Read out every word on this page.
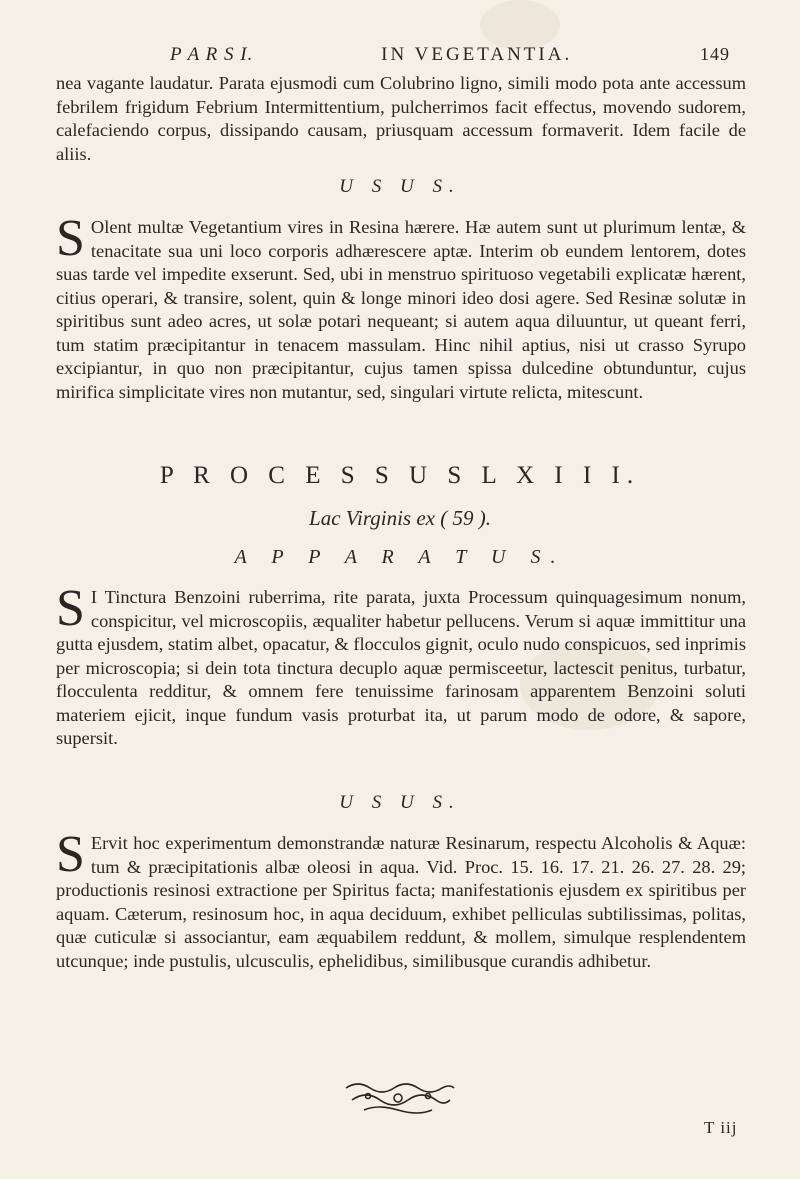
P A R S I.	IN VEGETANTIA.	149

nea vagante laudatur. Parata ejusmodi cum Colubrino ligno, simili modo pota ante accessum febrilem frigidum Febrium Intermittentium, pulcherrimos facit effectus, movendo sudorem, calefaciendo corpus, dissipando causam, priusquam accessum formaverit. Idem facile de aliis.

U S U S.
S Olent multæ Vegetantium vires in Resina hærere. Hæ autem sunt ut plurimum lentæ, & tenacitate sua uni loco corporis adhærescere aptæ. Interim ob eundem lentorem, dotes suas tarde vel impedite exserunt. Sed, ubi in menstruo spirituoso vegetabili explicatæ hærent, citius operari, & transire, solent, quin & longe minori ideo dosi agere. Sed Resinæ solutæ in spiritibus sunt adeo acres, ut solæ potari nequeant; si autem aqua diluuntur, ut queant ferri, tum statim præcipitantur in tenacem massulam. Hinc nihil aptius, nisi ut crasso Syrupo excipiantur, in quo non præcipitantur, cujus tamen spissa dulcedine obtunduntur, cujus mirifica simplicitate vires non mutantur, sed, singulari virtute relicta, mitescunt.

P R O C E S S U S L X I I I.
Lac Virginis ex ( 59 ).
A P P A R A T U S.
S I Tinctura Benzoini ruberrima, rite parata, juxta Processum quinquagesimum nonum, conspicitur, vel microscopiis, æqualiter habetur pellucens. Verum si aquæ immittitur una gutta ejusdem, statim albet, opacatur, & flocculos gignit, oculo nudo conspicuos, sed inprimis per microscopia; si dein tota tinctura decuplo aquæ permisceetur, lactescit penitus, turbatur, flocculenta redditur, & omnem fere tenuissime farinosam apparentem Benzoini soluti materiem ejicit, inque fundum vasis proturbat ita, ut parum modo de odore, & sapore, supersit.

U S U S.
S Ervit hoc experimentum demonstrandæ naturæ Resinarum, respectu Alcoholis & Aquæ: tum & præcipitationis albæ oleosi in aqua. Vid. Proc. 15. 16. 17. 21. 26. 27. 28. 29; productionis resinosi extractione per Spiritus facta; manifestationis ejusdem ex spiritibus per aquam. Cæterum, resinosum hoc, in aqua deciduum, exhibet pelliculas subtilissimas, politas, quæ cuticulæ si associantur, eam æquabilem reddunt, & mollem, simulque resplendentem utcunque; inde pustulis, ulcusculis, ephelidibus, similibusque curandis adhibetur.

T iij
